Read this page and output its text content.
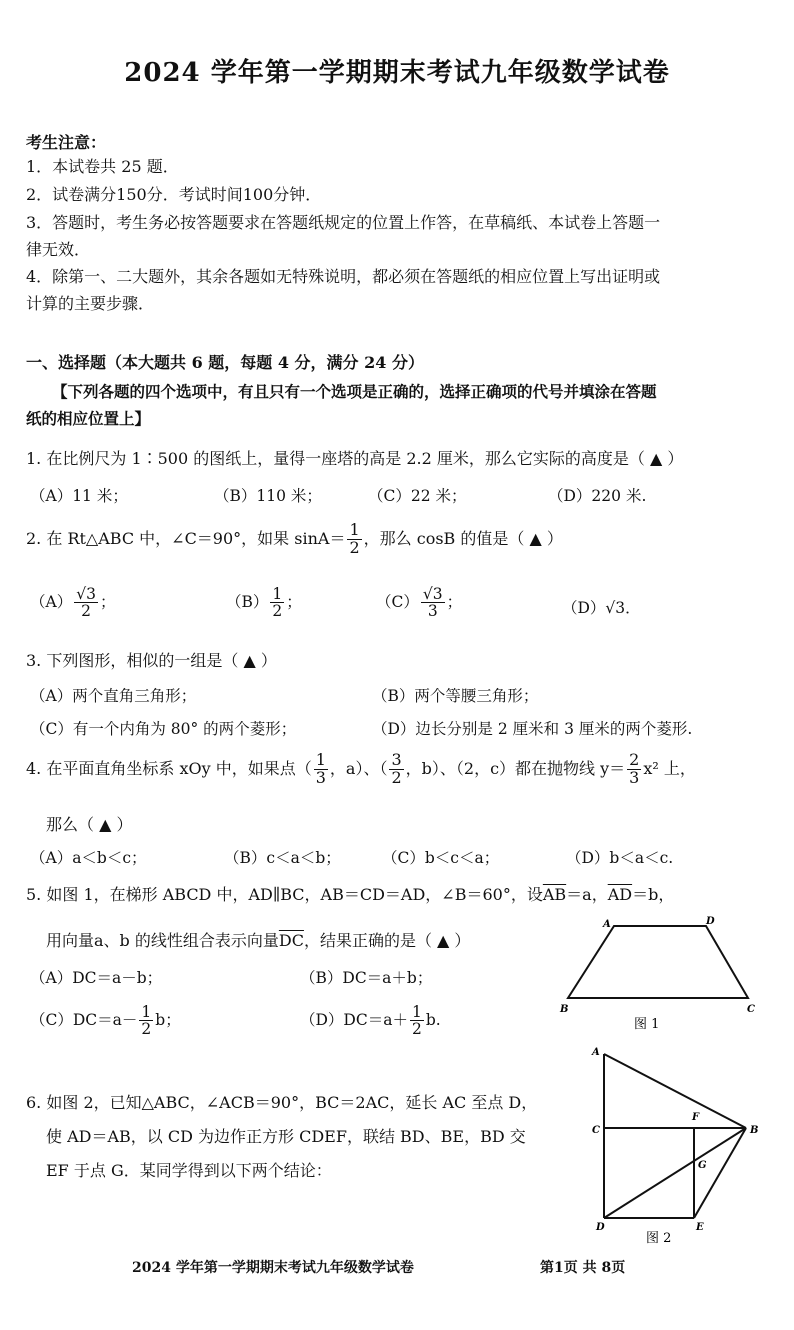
2024 学年第一学期期末考试九年级数学试卷
考生注意：
1．本试卷共 25 题．
2．试卷满分150分．考试时间100分钟．
3．答题时，考生务必按答题要求在答题纸规定的位置上作答，在草稿纸、本试卷上答题一
律无效．
4．除第一、二大题外，其余各题如无特殊说明，都必须在答题纸的相应位置上写出证明或
计算的主要步骤．
一、选择题（本大题共 6 题，每题 4 分，满分 24 分）
【下列各题的四个选项中，有且只有一个选项是正确的，选择正确项的代号并填涂在答题
纸的相应位置上】
1. 在比例尺为 1∶500 的图纸上，量得一座塔的高是 2.2 厘米，那么它实际的高度是（ ▲ ）
（A）11 米；	（B）110 米；	（C）22 米；	（D）220 米.
2. 在 Rt△ABC 中，∠C＝90°，如果 $\sin A= \frac{1}{2}$ ，那么 cosB 的值是（ ▲ ）
$(A) \frac{√3}{2}$ ；	$(B) \frac{1}{2}$ ；	$(C) \frac{√3}{3}$ ；	（D）√3．
3. 下列图形，相似的一组是（ ▲ ）
（A）两个直角三角形；	（B）两个等腰三角形；
（C）有一个内角为 80° 的两个菱形；	（D）边长分别是 2 厘米和 3 厘米的两个菱形.
4. 在平面直角坐标系 xOy 中，如果点（ $\frac{1}{3}$ ，a）、（ $\frac{3}{2}$ ，b）、（2，c）都在抛物线 $y= \frac{2}{3} x^2$ 上，
那么（ ▲ ）
（A）a＜b＜c；	（B）c＜a＜b；	（C）b＜c＜a；	（D）b＜a＜c.
5. 如图 1，在梯形 ABCD 中，AD∥BC，AB＝CD＝AD，∠B＝60°，设$\overline{AB}=a$，$\overline{AD}=b$，
用向量a、b 的线性组合表示向量$\overline{DC}$，结果正确的是（ ▲ ）
（A）DC＝a－b；	（B）DC＝a＋b；
$(C)DC=a- \frac{1}{2}$ b；	$(D)DC=a+ \frac{1}{2} b$.
A	D
B	C
图 1
6. 如图 2，已知△ABC，∠ACB＝90°，BC＝2AC，延长 AC 至点 D，
使 AD＝AB，以 CD 为边作正方形 CDEF，联结 BD、BE，BD 交
EF 于点 G．某同学得到以下两个结论：
A
C	B
F
G
D	E
图 2
2024 学年第一学期期末考试九年级数学试卷	第1页 共 8页
